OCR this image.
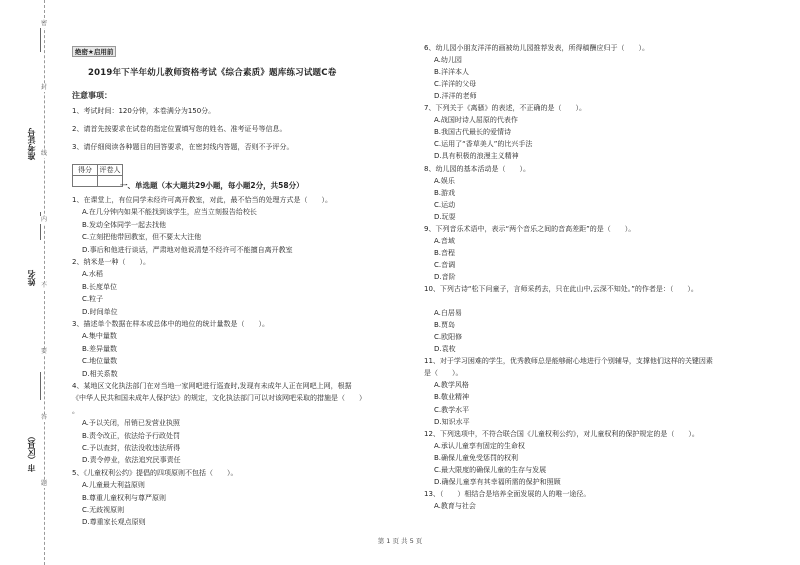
密
封
线
内
不
要
答
题
准考证号
姓名
市（区县）
绝密★启用前
2019年下半年幼儿教师资格考试《综合素质》题库练习试题C卷
注意事项：
1、考试时间：120分钟，本卷满分为150分。
2、请首先按要求在试卷的指定位置填写您的姓名、准考证号等信息。
3、请仔细阅读各种题目的回答要求，在密封线内答题，否则不予评分。
得分	评卷人

一、单选题（本大题共29小题，每小题2分，共58分）
1、在课堂上，有位同学未经许可离开教室，对此，最不恰当的处理方式是（　　）。
A.在几分钟内如果不能找到该学生，应当立刻报告给校长
B.发动全体同学一起去找他
C.立刻把他带回教室，但不要太大注他
D.事后和他进行谈话，严肃地对他说清楚不经许可不能擅自离开教室
2、纳米是一种（　　）。
A.水稻
B.长度单位
C.粒子
D.时间单位
3、描述单个数据在样本或总体中的地位的统计量数是（　　）。
A.集中量数
B.差异量数
C.地位量数
D.相关系数
4、某地区文化执法部门在对当地一家网吧进行巡查时,发现有未成年人正在网吧上网，根据
《中华人民共和国未成年人保护法》的规定，文化执法部门可以对该网吧采取的措施是（　　）
。
A.予以关闭，吊销已发营业执照
B.责令改正，依法给予行政处罚
C.予以查封，依法没收违法所得
D.责令停业，依法追究民事责任
5、《儿童权利公约》提倡的四项原则不包括（　　）。
A.儿童最大利益原则
B.尊重儿童权利与尊严原则
C.无歧视原则
D.尊重家长观点原则
6、幼儿园小朋友洋洋的画被幼儿园推荐发表，所得稿酬应归于（　　）。
A.幼儿园
B.洋洋本人
C.洋洋的父母
D.洋洋的老师
7、下列关于《离骚》的表述，不正确的是（　　）。
A.战国时诗人屈原的代表作
B.我国古代最长的爱情诗
C.运用了“香草美人”的比兴手法
D.具有积极的浪漫主义精神
8、幼儿园的基本活动是（　　）。
A.娱乐
B.游戏
C.运动
D.玩耍
9、下列音乐术语中，表示“两个音乐之间的音高差距”的是（　　）。
A.音域
B.音程
C.音调
D.音阶
10、下列古诗“松下问童子，言师采药去，只在此山中,云深不知处。”的作者是：（　　）。
A.白居易
B.贾岛
C.欧阳修
D.袁枚
11、对于学习困难的学生，优秀教师总是能够耐心地进行个别辅导，支撑他们这样的关键因素
是（　　）。
A.教学风格
B.敬业精神
C.教学水平
D.知识水平
12、下列选项中，不符合联合国《儿童权利公约》，对儿童权利的保护规定的是（　　）。
A.承认儿童享有固定的生命权
B.确保儿童免受惩罚的权利
C.最大限度的确保儿童的生存与发展
D.确保儿童享有其幸福所需的保护和照顾
13、（　　）相结合是培养全面发展的人的唯一途径。
A.教育与社会
第 1 页 共 5 页
